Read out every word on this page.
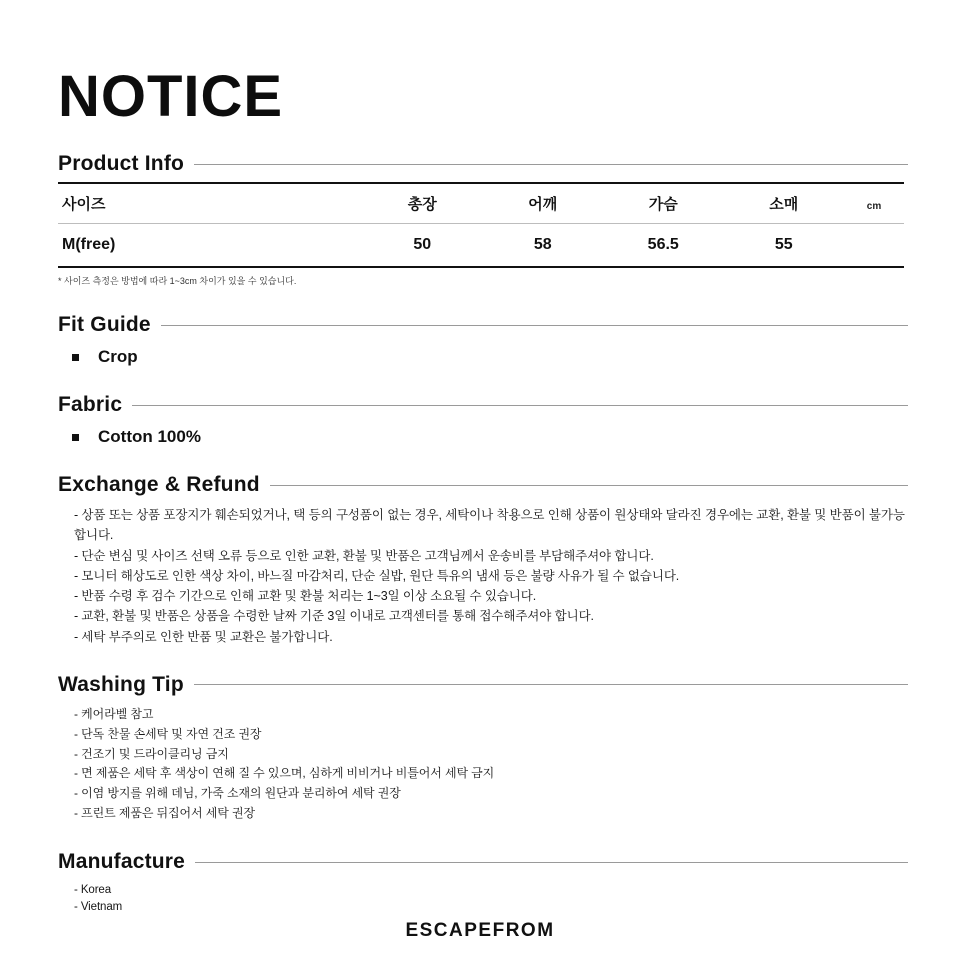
NOTICE
Product Info
사이즈	총장	어깨	가슴	소매	cm
M(free)	50	58	56.5	55	
* 사이즈 측정은 방법에 따라 1~3cm 차이가 있을 수 있습니다.
Fit Guide
Crop
Fabric
Cotton 100%
Exchange & Refund
- 상품 또는 상품 포장지가 훼손되었거나, 택 등의 구성품이 없는 경우, 세탁이나 착용으로 인해 상품이 원상태와 달라진 경우에는 교환, 환불 및 반품이 불가능합니다.
- 단순 변심 및 사이즈 선택 오류 등으로 인한 교환, 환불 및 반품은 고객님께서 운송비를 부담해주셔야 합니다.
- 모니터 해상도로 인한 색상 차이, 바느질 마감처리, 단순 실밥, 원단 특유의 냄새 등은 불량 사유가 될 수 없습니다.
- 반품 수령 후 검수 기간으로 인해 교환 및 환불 처리는 1~3일 이상 소요될 수 있습니다.
- 교환, 환불 및 반품은 상품을 수령한 날짜 기준 3일 이내로 고객센터를 통해 접수해주셔야 합니다.
- 세탁 부주의로 인한 반품 및 교환은 불가합니다.
Washing Tip
- 케어라벨 참고
- 단독 찬물 손세탁 및 자연 건조 권장
- 건조기 및 드라이클리닝 금지
- 면 제품은 세탁 후 색상이 연해 질 수 있으며, 심하게 비비거나 비틀어서 세탁 금지
- 이염 방지를 위해 데님, 가죽 소재의 원단과 분리하여 세탁 권장
- 프린트 제품은 뒤집어서 세탁 권장
Manufacture
- Korea
- Vietnam
ESCAPEFROM
